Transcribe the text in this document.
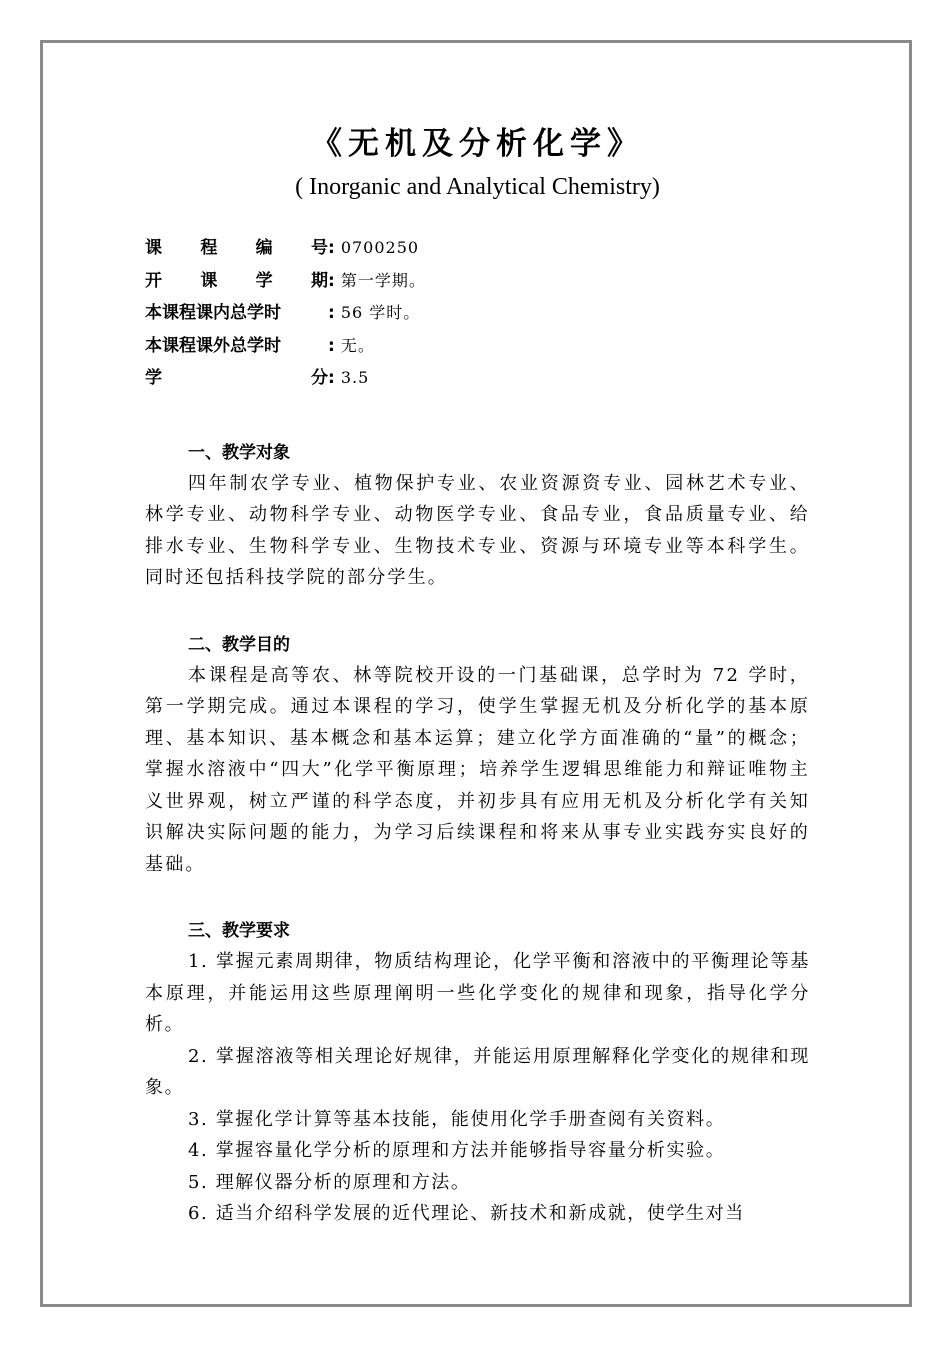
《无机及分析化学》
( Inorganic and Analytical Chemistry)
课 程 编 号 : 0700250
开 课 学 期 : 第一学期。
本课程课内总学时	: 56 学时。
本课程课外总学时	: 无。
学	分 : 3.5
一、教学对象

四年制农学专业、植物保护专业、农业资源资专业、园林艺术专业、林学专业、动物科学专业、动物医学专业、食品专业，食品质量专业、给排水专业、生物科学专业、生物技术专业、资源与环境专业等本科学生。同时还包括科技学院的部分学生。

二、教学目的

本课程是高等农、林等院校开设的一门基础课，总学时为 72 学时，第一学期完成。通过本课程的学习，使学生掌握无机及分析化学的基本原理、基本知识、基本概念和基本运算；建立化学方面准确的“量”的概念；掌握水溶液中“四大”化学平衡原理；培养学生逻辑思维能力和辩证唯物主义世界观，树立严谨的科学态度，并初步具有应用无机及分析化学有关知识解决实际问题的能力，为学习后续课程和将来从事专业实践夯实良好的基础。

三、教学要求

1. 掌握元素周期律，物质结构理论，化学平衡和溶液中的平衡理论等基本原理，并能运用这些原理阐明一些化学变化的规律和现象，指导化学分析。

2. 掌握溶液等相关理论好规律，并能运用原理解释化学变化的规律和现象。

3. 掌握化学计算等基本技能，能使用化学手册查阅有关资料。

4. 掌握容量化学分析的原理和方法并能够指导容量分析实验。

5. 理解仪器分析的原理和方法。

6. 适当介绍科学发展的近代理论、新技术和新成就，使学生对当
